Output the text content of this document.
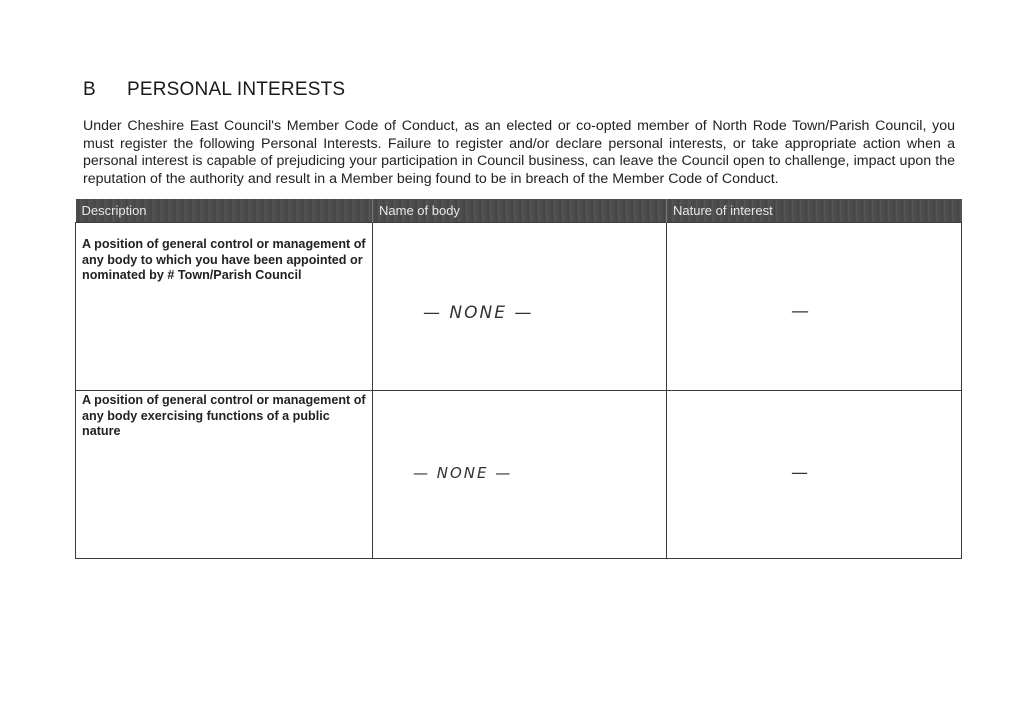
B	PERSONAL INTERESTS
Under Cheshire East Council's Member Code of Conduct, as an elected or co-opted member of North Rode Town/Parish Council, you must register the following Personal Interests. Failure to register and/or declare personal interests, or take appropriate action when a personal interest is capable of prejudicing your participation in Council business, can leave the Council open to challenge, impact upon the reputation of the authority and result in a Member being found to be in breach of the Member Code of Conduct.
Description	Name of body	Nature of interest

A position of general control or management of any body to which you have been appointed or nominated by # Town/Parish Council	— NONE —	—

A position of general control or management of any body exercising functions of a public nature	— NONE —	—
